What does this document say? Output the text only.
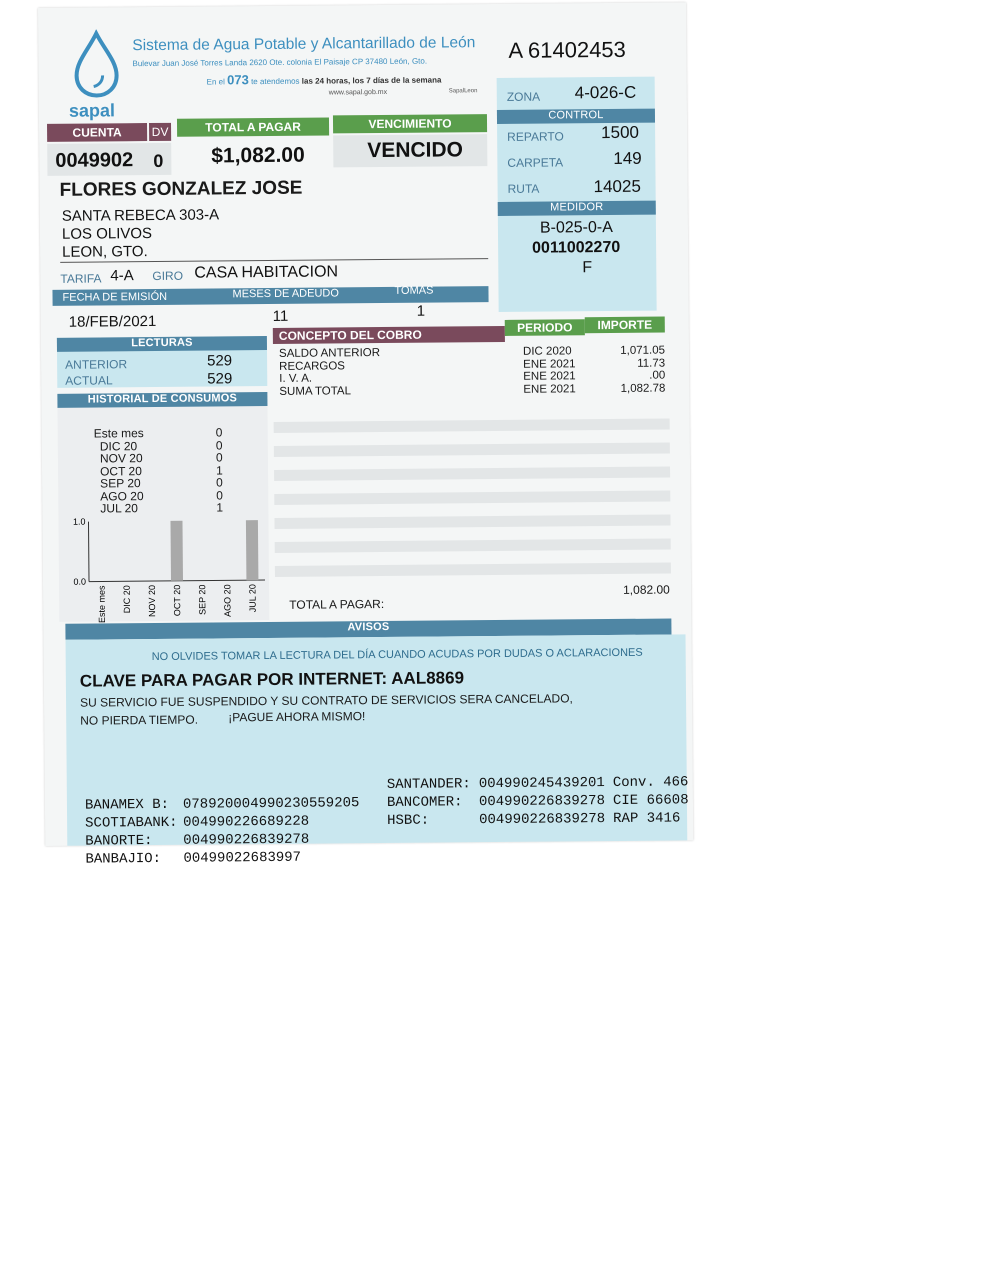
sapal
Sistema de Agua Potable y Alcantarillado de León
Bulevar Juan José Torres Landa 2620 Ote. colonia El Paisaje CP 37480 León, Gto.
En el 073 te atendemos las 24 horas, los 7 días de la semana
www.sapal.gob.mx	SapalLeon
A 61402453
ZONA 4-026-C
CONTROL
REPARTO 1500
CARPETA	149
RUTA	14025
MEDIDOR
B-025-0-A
0011002270
F
CUENTA	DV	TOTAL A PAGAR	VENCIMIENTO
0049902 0 $1,082.00	VENCIDO
FLORES GONZALEZ JOSE
SANTA REBECA 303-A
LOS OLIVOS
LEON, GTO.
TARIFA 4-A GIRO CASA HABITACION
FECHA DE EMISIÓN	MESES DE ADEUDO	TOMAS
18/FEB/2021	11	1
LECTURAS
ANTERIOR	529
ACTUAL	529
HISTORIAL DE CONSUMOS
Este mes	0
DIC 20	0
NOV 20	0
OCT 20	1
SEP 20	0
AGO 20	0
JUL 20	1
1.0
0.0
Este mes DIC 20 NOV 20 OCT 20 SEP 20 AGO 20 JUL 20
CONCEPTO DEL COBRO
PERIODO	IMPORTE
SALDO ANTERIOR	DIC 2020	1,071.05
RECARGOS	ENE 2021	11.73
I. V. A.	ENE 2021	.00
SUMA TOTAL	ENE 2021	1,082.78
TOTAL A PAGAR:
1,082.00
AVISOS
NO OLVIDES TOMAR LA LECTURA DEL DÍA CUANDO ACUDAS POR DUDAS O ACLARACIONES
CLAVE PARA PAGAR POR INTERNET: AAL8869
SU SERVICIO FUE SUSPENDIDO Y SU CONTRATO DE SERVICIOS SERA CANCELADO,
NO PIERDA TIEMPO.	¡PAGUE AHORA MISMO!
BANAMEX B: 078920004990230559205
SCOTIABANK: 004990226689228
BANORTE: 004990226839278
BANBAJIO: 00499022683997
SANTANDER: 004990245439201 Conv. 466
BANCOMER: 004990226839278 CIE 66608
HSBC:	004990226839278 RAP 3416
